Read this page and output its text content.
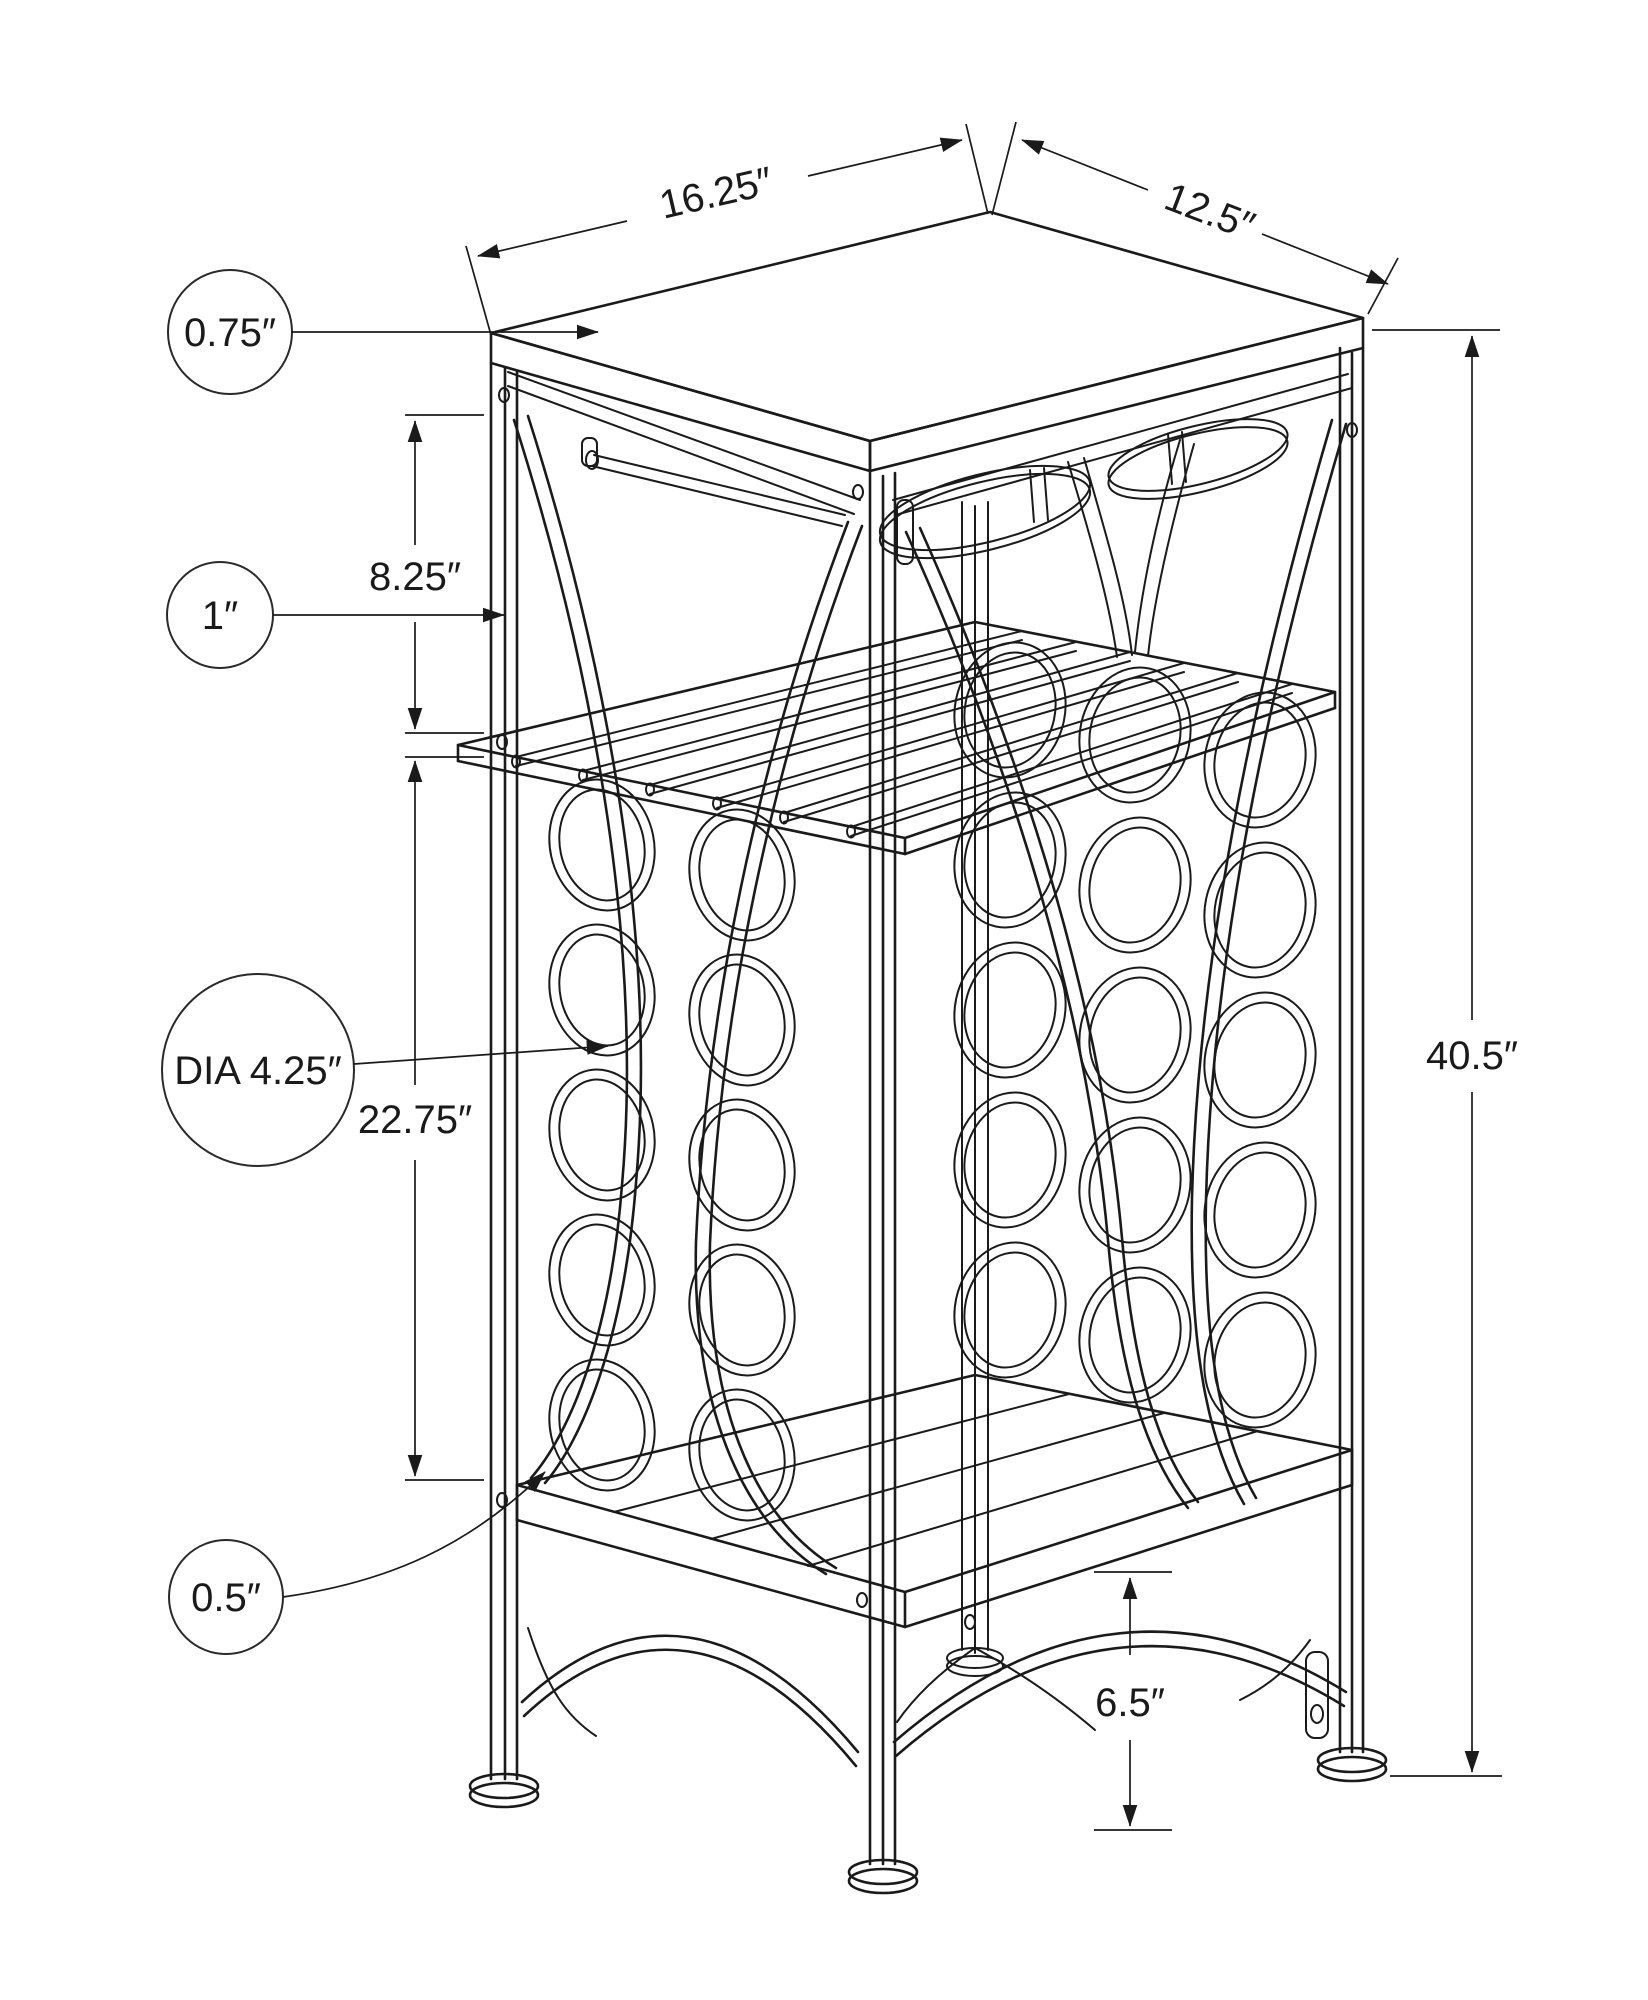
16.25″	12.5″
8.25″
22.75″
40.5″
6.5″
0.75″
1″
DIA 4.25″
0.5″
